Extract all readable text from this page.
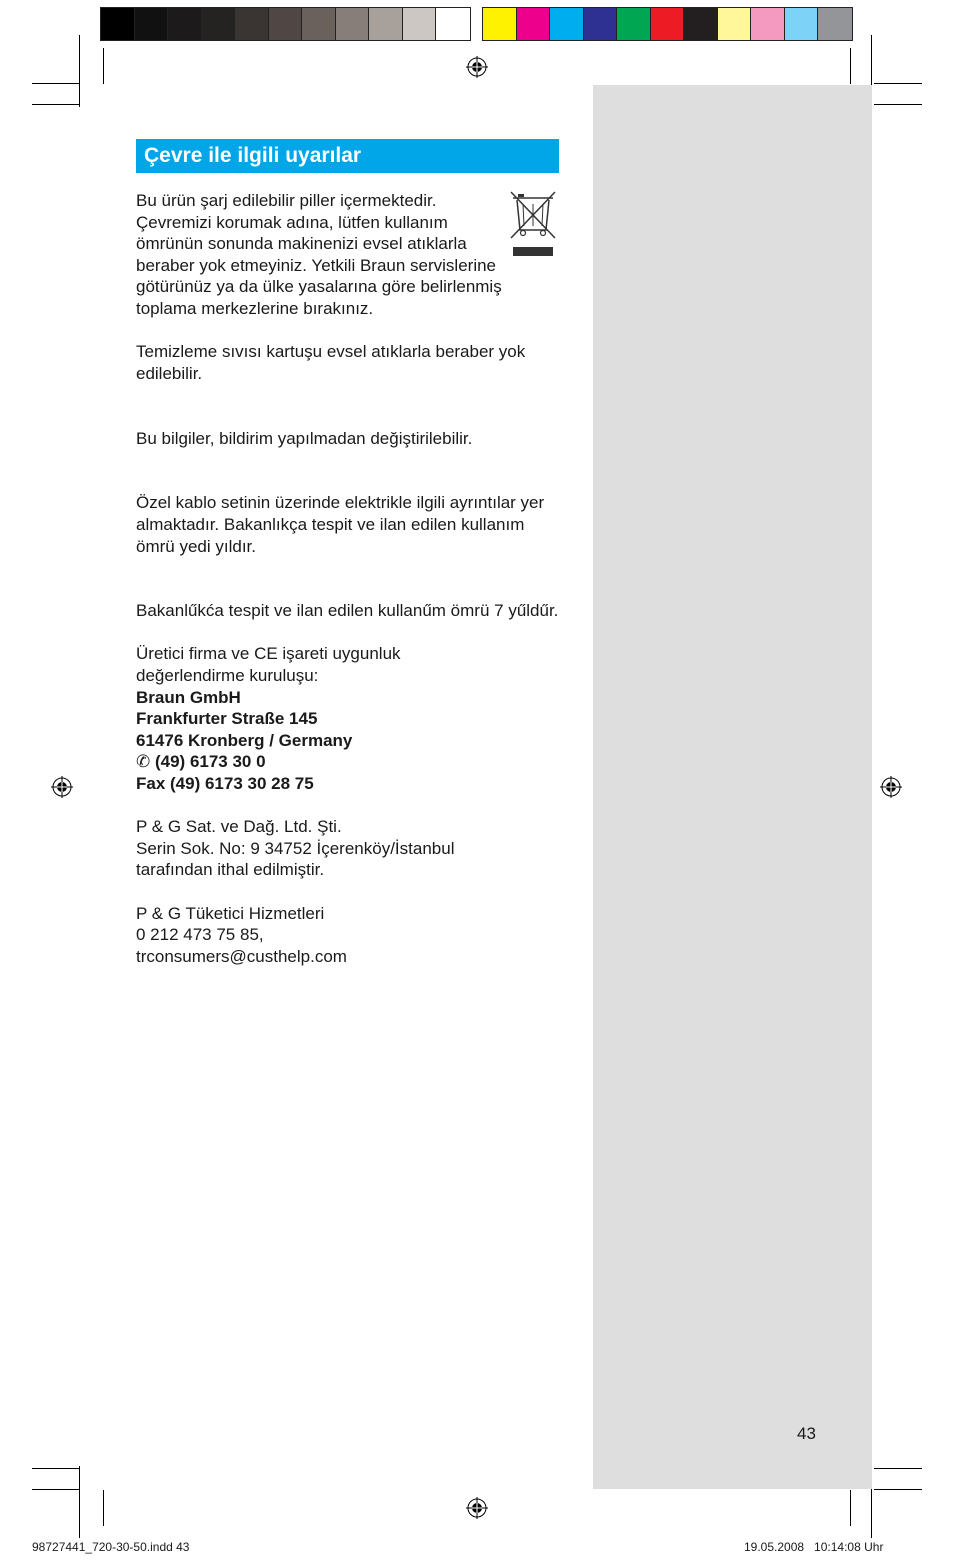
Çevre ile ilgili uyarılar

Bu ürün şarj edilebilir piller içermektedir. Çevremizi korumak adına, lütfen kullanım ömrünün sonunda makinenizi evsel atıklarla beraber yok etmeyiniz. Yetkili Braun servislerine götürünüz ya da ülke yasalarına göre belirlenmiş toplama merkezlerine bırakınız.

Temizleme sıvısı kartuşu evsel atıklarla beraber yok edilebilir.

Bu bilgiler, bildirim yapılmadan değiştirilebilir.

Özel kablo setinin üzerinde elektrikle ilgili ayrıntılar yer almaktadır. Bakanlıkça tespit ve ilan edilen kullanım ömrü yedi yıldır.

Bakanlűkća tespit ve ilan edilen kullanűm ömrü 7 yűldűr.

Üretici firma ve CE işareti uygunluk
değerlendirme kuruluşu:
Braun GmbH
Frankfurter Straße 145
61476 Kronberg / Germany
✆ (49) 6173 30 0
Fax (49) 6173 30 28 75

P & G Sat. ve Dağ. Ltd. Şti.
Serin Sok. No: 9 34752 İçerenköy/İstanbul
tarafından ithal edilmiştir.

P & G Tüketici Hizmetleri
0 212 473 75 85,
trconsumers@custhelp.com

43
98727441_720-30-50.indd 43	19.05.2008   10:14:08 Uhr
